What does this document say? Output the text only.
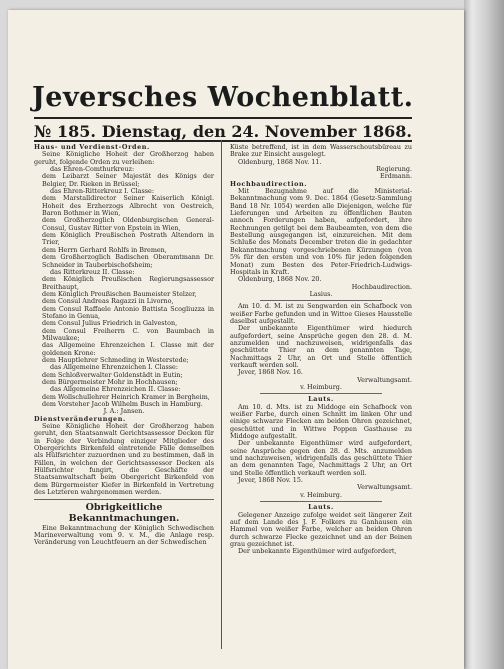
Jeversches Wochenblatt.
№ 185. Dienstag, den 24. November 1868.

Haus- und Verdienst-Orden.

Seine Königliche Hoheit der Großherzog haben geruht, folgende Orden zu verleihen:

das Ehren-Comthurkreuz:

dem Leibarzt Seiner Majestät des Königs der Belgier, Dr. Rieken in Brüssel;

das Ehren-Ritterkreuz I. Classe:

dem Marstalldirector Seiner Kaiserlich Königl. Hoheit des Erzherzogs Albrecht von Oestreich, Baron Bothmer in Wien,

dem Großherzoglich Oldenburgischen General-Consul, Gustav Ritter von Epstein in Wien,

dem Königlich Preußischen Postrath Altendorn in Trier,

dem Herrn Gerhard Rohlfs in Bremen,

dem Großherzoglich Badischen Oberamtmann Dr. Schneider in Tauberbischofsheim;

das Ritterkreuz II. Classe:

dem Königlich Preußischen Regierungsassessor Breithaupt,

dem Königlich Preußischen Baumeister Stelzer,

dem Consul Andreas Ragazzi in Livorno,

dem Consul Raffaele Antonio Battista Scogliuzza in Stefano in Genua,

dem Consul Julius Friedrich in Galveston,

dem Consul Freiherrn C. von Baumbach in Milwaukee;

das Allgemeine Ehrenzeichen I. Classe mit der goldenen Krone:

dem Hauptlehrer Schmeding in Westerstede;

das Allgemeine Ehrenzeichen I. Classe:

dem Schloßverwalter Goldenstädt in Eutin;

dem Bürgermeister Mohr in Hochhausen;

das Allgemeine Ehrenzeichen II. Classe:

dem Wollschullehrer Heinrich Kramer in Bergheim,

dem Vorsteher Jacob Wilhelm Busch in Hamburg.

J. A.: Jansen.

Dienstveränderungen.

Seine Königliche Hoheit der Großherzog haben geruht, den Staatsanwalt Gerichtsassessor Decken für in Folge der Verbindung einziger Mitglieder des Obergerichts Birkenfeld eintretende Fälle demselben als Hülfsrichter zuzuordnen und zu bestimmen, daß in Fällen, in welchen der Gerichtsassessor Decken als Hülfsrichter fungirt, die Geschäfte der Staatsanwaltschaft beim Obergericht Birkenfeld von dem Bürgermeister Kiefer in Birkenfeld in Vertretung des Letzteren wahrgenommen werden.

Obrigkeitliche Bekanntmachungen.

Eine Bekanntmachung der Königlich Schwedischen Marineverwaltung vom 9. v. M., die Anlage resp. Veränderung von Leuchtfeuern an der Schwedischen

Küste betreffend, ist in dem Wasserschoutsbüreau zu Brake zur Einsicht ausgelegt.

Oldenburg, 1868 Nov. 11.

Regierung.

Erdmann.

Hochbaudirection.

Mit Bezugnahme auf die Ministerial-Bekanntmachung vom 9. Dec. 1864 (Gesetz-Sammlung Band 18 Nr. 1054) werden alle Diejenigen, welche für Lieferungen und Arbeiten zu öffentlichen Bauten annoch Forderungen haben, aufgefordert, ihre Rechnungen getilgt bei dem Baubeamten, von dem die Bestellung ausgegangen ist, einzureichen. Mit dem Schluße des Monats December treten die in gedachter Bekanntmachung vorgeschriebenen Kürzungen (von 5% für den ersten und von 10% für jeden folgenden Monat) zum Besten des Peter-Friedrich-Ludwigs-Hospitals in Kraft.

Oldenburg, 1868 Nov. 20.

Hochbaudirection.

Lasius.

Am 10. d. M. ist zu Sengwarden ein Schafbock von weißer Farbe gefunden und in Wittoe Gieses Hausstelle daselbst aufgestallt.

Der unbekannte Eigenthümer wird hiedurch aufgefordert, seine Ansprüche gegen den 28. d. M. anzumelden und nachzuweisen, widrigenfalls das geschüttete Thier an dem genannten Tage, Nachmittags 2 Uhr, an Ort und Stelle öffentlich verkauft werden soll.

Jever, 1868 Nov. 16.

Verwaltungsamt.

v. Heimburg.

Lauts.

Am 10. d. Mts. ist zu Middoge ein Schafbock von weißer Farbe, durch einen Schnitt im linken Ohr und einige schwarze Flecken am beiden Ohren gezeichnet, geschüttet und in Wittwe Poppen Gasthause zu Middoge aufgestallt.

Der unbekannte Eigenthümer wird aufgefordert, seine Ansprüche gegen den 28. d. Mts. anzumelden und nachzuweisen, widrigenfalls das geschüttete Thier an dem genannten Tage, Nachmittags 2 Uhr, an Ort und Stelle öffentlich verkauft werden soll.

Jever, 1868 Nov. 15.

Verwaltungsamt.

v. Heimburg.

Lauts.

Gelegener Anzeige zufolge weidet seit längerer Zeit auf dem Lande des J. F. Folkers zu Ganhausen ein Hammel von weißer Farbe, welcher an beiden Ohren durch schwarze Flecke gezeichnet und an der Beinen grau gezeichnet ist.

Der unbekannte Eigenthümer wird aufgefordert,
